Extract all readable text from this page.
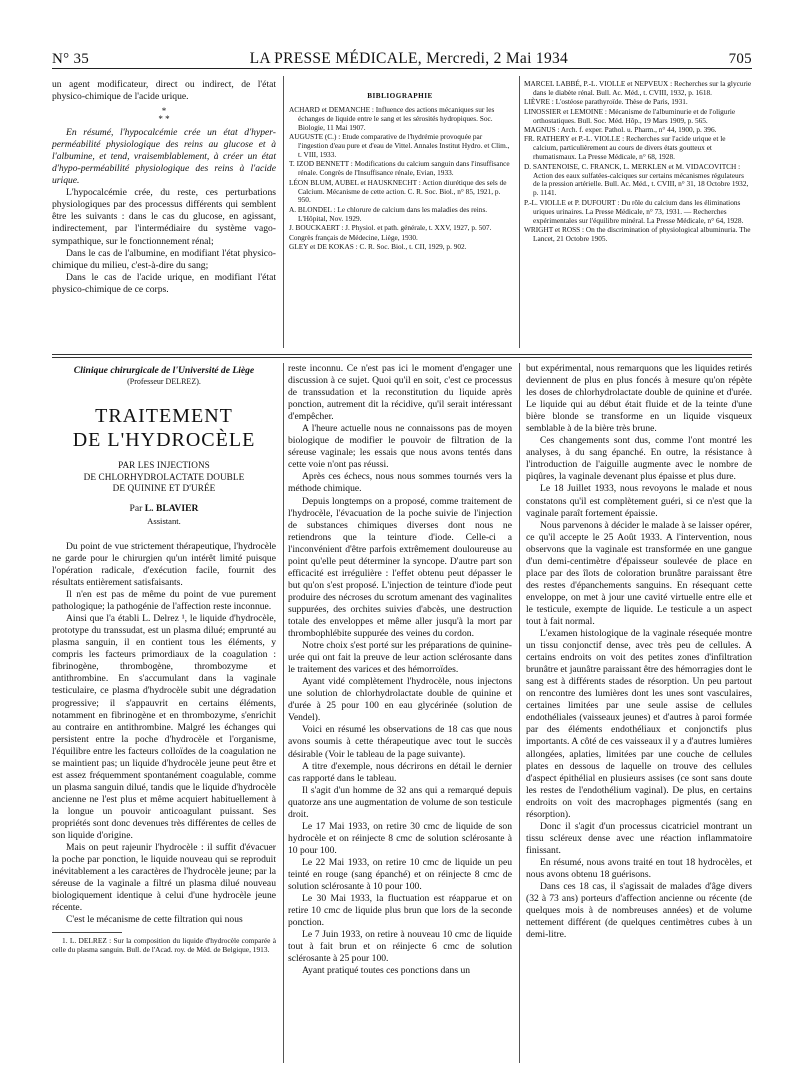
N° 35	LA PRESSE MÉDICALE, Mercredi, 2 Mai 1934	705

un agent modificateur, direct ou indirect, de l'état physico-chimique de l'acide urique.

*
* *

En résumé, l'hypocalcémie crée un état d'hyper-perméabilité physiologique des reins au glucose et à l'albumine, et tend, vraisemblablement, à créer un état d'hypo-perméabilité physiologique des reins à l'acide urique.

L'hypocalcémie crée, du reste, ces perturbations physiologiques par des processus différents qui semblent être les suivants : dans le cas du glucose, en agissant, indirectement, par l'intermédiaire du système vago-sympathique, sur le fonctionnement rénal;

Dans le cas de l'albumine, en modifiant l'état physico-chimique du milieu, c'est-à-dire du sang;

Dans le cas de l'acide urique, en modifiant l'état physico-chimique de ce corps.

BIBLIOGRAPHIE

ACHARD et DEMANCHE : Influence des actions mécaniques sur les échanges de liquide entre le sang et les sérosités hydropiques. Soc. Biologie, 11 Mai 1907.

AUGUSTE (C.) : Etude comparative de l'hydrémie provoquée par l'ingestion d'eau pure et d'eau de Vittel. Annales Institut Hydro. et Clim., t. VIII, 1933.

T. IZOD BENNETT : Modifications du calcium sanguin dans l'insuffisance rénale. Congrès de l'Insuffisance rénale, Evian, 1933.

LÉON BLUM, AUBEL et HAUSKNECHT : Action diurétique des sels de Calcium. Mécanisme de cette action. C. R. Soc. Biol., n° 85, 1921, p. 950.

A. BLONDEL : Le chlorure de calcium dans les maladies des reins. L'Hôpital, Nov. 1929.

J. BOUCKAERT : J. Physiol. et path. générale, t. XXV, 1927, p. 507.

Congrès français de Médecine, Liège, 1930.

GLEY et DE KOKAS : C. R. Soc. Biol., t. CII, 1929, p. 902.

MARCEL LABBÉ, P.-L. VIOLLE et NEPVEUX : Recherches sur la glycurie dans le diabète rénal. Bull. Ac. Méd., t. CVIII, 1932, p. 1618.

LIÈVRE : L'ostéose parathyroïde. Thèse de Paris, 1931.

LINOSSIER et LEMOINE : Mécanisme de l'albuminurie et de l'oligurie orthostatiques. Bull. Soc. Méd. Hôp., 19 Mars 1909, p. 565.

MAGNUS : Arch. f. exper. Pathol. u. Pharm., n° 44, 1900, p. 396.

FR. RATHERY et P.-L. VIOLLE : Recherches sur l'acide urique et le calcium, particulièrement au cours de divers états goutteux et rhumatismaux. La Presse Médicale, n° 68, 1928.

D. SANTENOISE, C. FRANCK, L. MERKLEN et M. VIDACOVITCH : Action des eaux sulfatées-calciques sur certains mécanismes régulateurs de la pression artérielle. Bull. Ac. Méd., t. CVIII, n° 31, 18 Octobre 1932, p. 1141.

P.-L. VIOLLE et P. DUFOURT : Du rôle du calcium dans les éliminations uriques urinaires. La Presse Médicale, n° 73, 1931. — Recherches expérimentales sur l'équilibre minéral. La Presse Médicale, n° 64, 1928.

WRIGHT et ROSS : On the discrimination of physiological albuminuria. The Lancet, 21 Octobre 1905.

Clinique chirurgicale de l'Université de Liège
(Professeur DELREZ).
TRAITEMENT
DE L'HYDROCÈLE
PAR LES INJECTIONS
DE CHLORHYDROLACTATE DOUBLE
DE QUININE ET D'URÉE
Par L. BLAVIER
Assistant.

Du point de vue strictement thérapeutique, l'hydrocèle ne garde pour le chirurgien qu'un intérêt limité puisque l'opération radicale, d'exécution facile, fournit des résultats entièrement satisfaisants.

Il n'en est pas de même du point de vue purement pathologique; la pathogénie de l'affection reste inconnue.

Ainsi que l'a établi L. Delrez ¹, le liquide d'hydrocèle, prototype du transsudat, est un plasma dilué; emprunté au plasma sanguin, il en contient tous les éléments, y compris les facteurs primordiaux de la coagulation : fibrinogène, thrombogène, thrombozyme et antithrombine. En s'accumulant dans la vaginale testiculaire, ce plasma d'hydrocèle subit une dégradation progressive; il s'appauvrit en certains éléments, notamment en fibrinogène et en thrombozyme, s'enrichit au contraire en antithrombine. Malgré les échanges qui persistent entre la poche d'hydrocèle et l'organisme, l'équilibre entre les facteurs colloïdes de la coagulation ne se maintient pas; un liquide d'hydrocèle jeune peut être et est assez fréquemment spontanément coagulable, comme un plasma sanguin dilué, tandis que le liquide d'hydrocèle ancienne ne l'est plus et même acquiert habituellement à la longue un pouvoir anticoagulant puissant. Ses propriétés sont donc devenues très différentes de celles de son liquide d'origine.

Mais on peut rajeunir l'hydrocèle : il suffit d'évacuer la poche par ponction, le liquide nouveau qui se reproduit inévitablement a les caractères de l'hydrocèle jeune; par la séreuse de la vaginale a filtré un plasma dilué nouveau biologiquement identique à celui d'une hydrocèle jeune récente.

C'est le mécanisme de cette filtration qui nous

1. L. DELREZ : Sur la composition du liquide d'hydrocèle comparée à celle du plasma sanguin. Bull. de l'Acad. roy. de Méd. de Belgique, 1913.

reste inconnu. Ce n'est pas ici le moment d'engager une discussion à ce sujet. Quoi qu'il en soit, c'est ce processus de transsudation et la reconstitution du liquide après ponction, autrement dit la récidive, qu'il serait intéressant d'empêcher.

A l'heure actuelle nous ne connaissons pas de moyen biologique de modifier le pouvoir de filtration de la séreuse vaginale; les essais que nous avons tentés dans cette voie n'ont pas réussi.

Après ces échecs, nous nous sommes tournés vers la méthode chimique.

Depuis longtemps on a proposé, comme traitement de l'hydrocèle, l'évacuation de la poche suivie de l'injection de substances chimiques diverses dont nous ne retiendrons que la teinture d'iode. Celle-ci a l'inconvénient d'être parfois extrêmement douloureuse au point qu'elle peut déterminer la syncope. D'autre part son efficacité est irrégulière : l'effet obtenu peut dépasser le but qu'on s'est proposé. L'injection de teinture d'iode peut produire des nécroses du scrotum amenant des vaginalites suppurées, des orchites suivies d'abcès, une destruction totale des enveloppes et même aller jusqu'à la mort par thrombophlébite suppurée des veines du cordon.

Notre choix s'est porté sur les préparations de quinine-urée qui ont fait la preuve de leur action sclérosante dans le traitement des varices et des hémorroïdes.

Ayant vidé complètement l'hydrocèle, nous injectons une solution de chlorhydrolactate double de quinine et d'urée à 25 pour 100 en eau glycérinée (solution de Vendel).

Voici en résumé les observations de 18 cas que nous avons soumis à cette thérapeutique avec tout le succès désirable (Voir le tableau de la page suivante).

A titre d'exemple, nous décrirons en détail le dernier cas rapporté dans le tableau.

Il s'agit d'un homme de 32 ans qui a remarqué depuis quatorze ans une augmentation de volume de son testicule droit.

Le 17 Mai 1933, on retire 30 cmc de liquide de son hydrocèle et on réinjecte 8 cmc de solution sclérosante à 10 pour 100.

Le 22 Mai 1933, on retire 10 cmc de liquide un peu teinté en rouge (sang épanché) et on réinjecte 8 cmc de solution sclérosante à 10 pour 100.

Le 30 Mai 1933, la fluctuation est réapparue et on retire 10 cmc de liquide plus brun que lors de la seconde ponction.

Le 7 Juin 1933, on retire à nouveau 10 cmc de liquide tout à fait brun et on réinjecte 6 cmc de solution sclérosante à 25 pour 100.

Ayant pratiqué toutes ces ponctions dans un

but expérimental, nous remarquons que les liquides retirés deviennent de plus en plus foncés à mesure qu'on répète les doses de chlorhydrolactate double de quinine et d'urée. Le liquide qui au début était fluide et de la teinte d'une bière blonde se transforme en un liquide visqueux semblable à de la bière très brune.

Ces changements sont dus, comme l'ont montré les analyses, à du sang épanché. En outre, la résistance à l'introduction de l'aiguille augmente avec le nombre de piqûres, la vaginale devenant plus épaisse et plus dure.

Le 18 Juillet 1933, nous revoyons le malade et nous constatons qu'il est complètement guéri, si ce n'est que la vaginale paraît fortement épaissie.

Nous parvenons à décider le malade à se laisser opérer, ce qu'il accepte le 25 Août 1933. A l'intervention, nous observons que la vaginale est transformée en une gangue d'un demi-centimètre d'épaisseur soulevée de place en place par des îlots de coloration brunâtre paraissant être des restes d'épanchements sanguins. En résequant cette enveloppe, on met à jour une cavité virtuelle entre elle et le testicule, exempte de liquide. Le testicule a un aspect tout à fait normal.

L'examen histologique de la vaginale résequée montre un tissu conjonctif dense, avec très peu de cellules. A certains endroits on voit des petites zones d'infiltration brunâtre et jaunâtre paraissant être des hémorragies dont le sang est à différents stades de résorption. Un peu partout on rencontre des lumières dont les unes sont vasculaires, certaines limitées par une seule assise de cellules endothéliales (vaisseaux jeunes) et d'autres à paroi formée par des éléments endothéliaux et conjonctifs plus importants. A côté de ces vaisseaux il y a d'autres lumières allongées, aplaties, limitées par une couche de cellules plates en dessous de laquelle on trouve des cellules d'aspect épithélial en plusieurs assises (ce sont sans doute les restes de l'endothélium vaginal). De plus, en certains endroits on voit des macrophages pigmentés (sang en résorption).

Donc il s'agit d'un processus cicatriciel montrant un tissu scléreux dense avec une réaction inflammatoire finissant.

En résumé, nous avons traité en tout 18 hydrocèles, et nous avons obtenu 18 guérisons.

Dans ces 18 cas, il s'agissait de malades d'âge divers (32 à 73 ans) porteurs d'affection ancienne ou récente (de quelques mois à de nombreuses années) et de volume nettement différent (de quelques centimètres cubes à un demi-litre.
